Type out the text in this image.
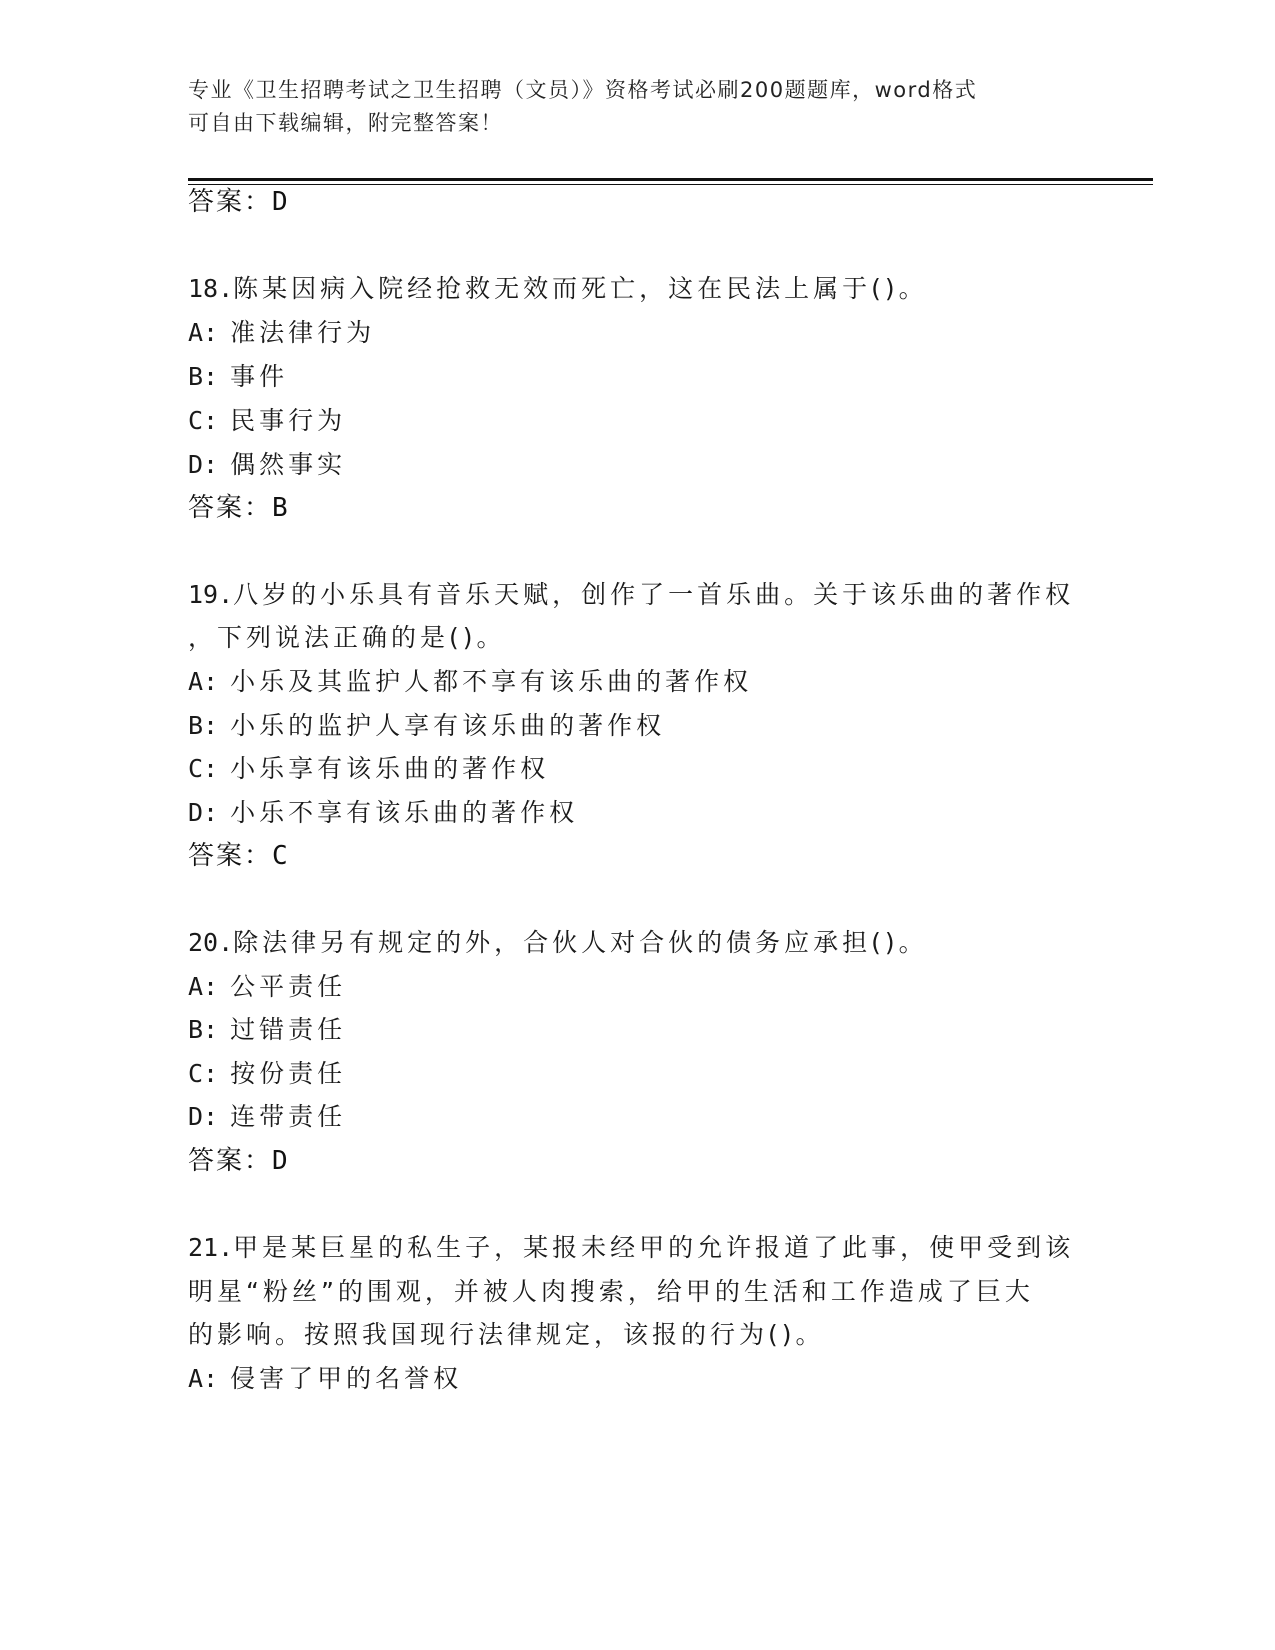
专业《卫生招聘考试之卫生招聘（文员）》资格考试必刷200题题库，word格式
可自由下载编辑，附完整答案！
答案：D
18.陈某因病入院经抢救无效而死亡，这在民法上属于()。
A: 准法律行为
B: 事件
C: 民事行为
D: 偶然事实
答案：B
19.八岁的小乐具有音乐天赋，创作了一首乐曲。关于该乐曲的著作权
，下列说法正确的是()。
A: 小乐及其监护人都不享有该乐曲的著作权
B: 小乐的监护人享有该乐曲的著作权
C: 小乐享有该乐曲的著作权
D: 小乐不享有该乐曲的著作权
答案：C
20.除法律另有规定的外，合伙人对合伙的债务应承担()。
A: 公平责任
B: 过错责任
C: 按份责任
D: 连带责任
答案：D
21.甲是某巨星的私生子，某报未经甲的允许报道了此事，使甲受到该
明星“粉丝”的围观，并被人肉搜索，给甲的生活和工作造成了巨大
的影响。按照我国现行法律规定，该报的行为()。
A: 侵害了甲的名誉权
